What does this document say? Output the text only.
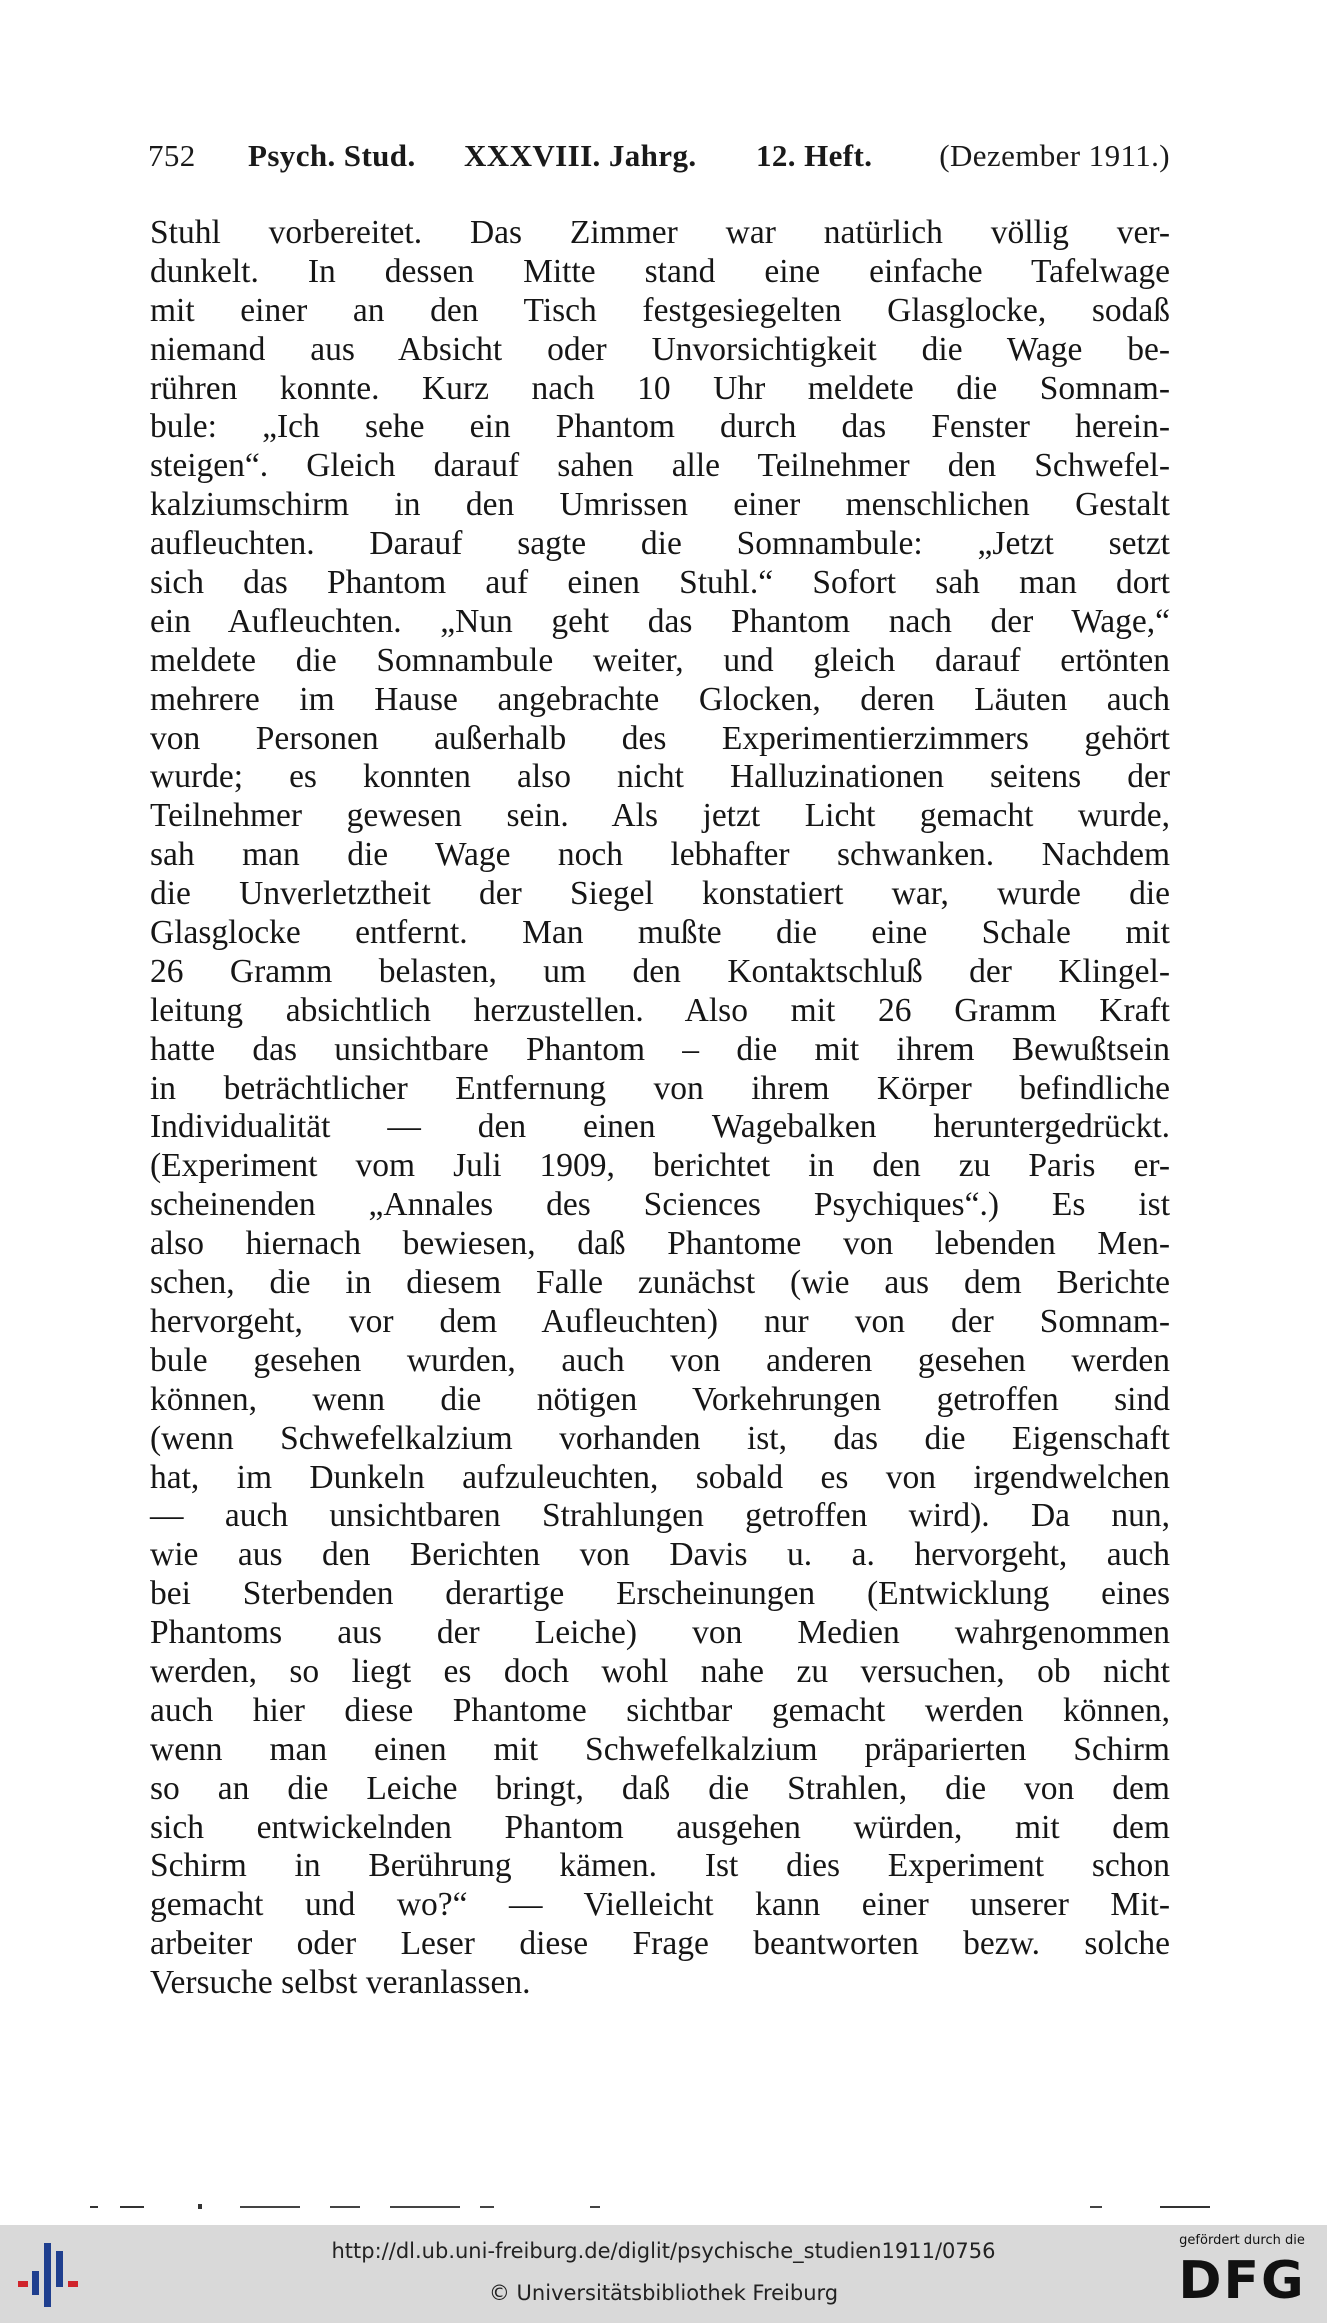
752 Psych. Stud. XXXVIII. Jahrg. 12. Heft. (Dezember 1911.)
Stuhl vorbereitet. Das Zimmer war natürlich völlig ver-
dunkelt. In dessen Mitte stand eine einfache Tafelwage
mit einer an den Tisch festgesiegelten Glasglocke, sodaß
niemand aus Absicht oder Unvorsichtigkeit die Wage be-
rühren konnte. Kurz nach 10 Uhr meldete die Somnam-
bule: „Ich sehe ein Phantom durch das Fenster herein-
steigen“. Gleich darauf sahen alle Teilnehmer den Schwefel-
kalziumschirm in den Umrissen einer menschlichen Gestalt
aufleuchten. Darauf sagte die Somnambule: „Jetzt setzt
sich das Phantom auf einen Stuhl.“ Sofort sah man dort
ein Aufleuchten. „Nun geht das Phantom nach der Wage,“
meldete die Somnambule weiter, und gleich darauf ertönten
mehrere im Hause angebrachte Glocken, deren Läuten auch
von Personen außerhalb des Experimentierzimmers gehört
wurde; es konnten also nicht Halluzinationen seitens der
Teilnehmer gewesen sein. Als jetzt Licht gemacht wurde,
sah man die Wage noch lebhafter schwanken. Nachdem
die Unverletztheit der Siegel konstatiert war, wurde die
Glasglocke entfernt. Man mußte die eine Schale mit
26 Gramm belasten, um den Kontaktschluß der Klingel-
leitung absichtlich herzustellen. Also mit 26 Gramm Kraft
hatte das unsichtbare Phantom – die mit ihrem Bewußtsein
in beträchtlicher Entfernung von ihrem Körper befindliche
Individualität — den einen Wagebalken heruntergedrückt.
(Experiment vom Juli 1909, berichtet in den zu Paris er-
scheinenden „Annales des Sciences Psychiques“.) Es ist
also hiernach bewiesen, daß Phantome von lebenden Men-
schen, die in diesem Falle zunächst (wie aus dem Berichte
hervorgeht, vor dem Aufleuchten) nur von der Somnam-
bule gesehen wurden, auch von anderen gesehen werden
können, wenn die nötigen Vorkehrungen getroffen sind
(wenn Schwefelkalzium vorhanden ist, das die Eigenschaft
hat, im Dunkeln aufzuleuchten, sobald es von irgendwelchen
— auch unsichtbaren Strahlungen getroffen wird). Da nun,
wie aus den Berichten von Davis u. a. hervorgeht, auch
bei Sterbenden derartige Erscheinungen (Entwicklung eines
Phantoms aus der Leiche) von Medien wahrgenommen
werden, so liegt es doch wohl nahe zu versuchen, ob nicht
auch hier diese Phantome sichtbar gemacht werden können,
wenn man einen mit Schwefelkalzium präparierten Schirm
so an die Leiche bringt, daß die Strahlen, die von dem
sich entwickelnden Phantom ausgehen würden, mit dem
Schirm in Berührung kämen. Ist dies Experiment schon
gemacht und wo?“ — Vielleicht kann einer unserer Mit-
arbeiter oder Leser diese Frage beantworten bezw. solche
Versuche selbst veranlassen.
http://dl.ub.uni-freiburg.de/diglit/psychische_studien1911/0756
© Universitätsbibliothek Freiburg
gefördert durch die
DFG
